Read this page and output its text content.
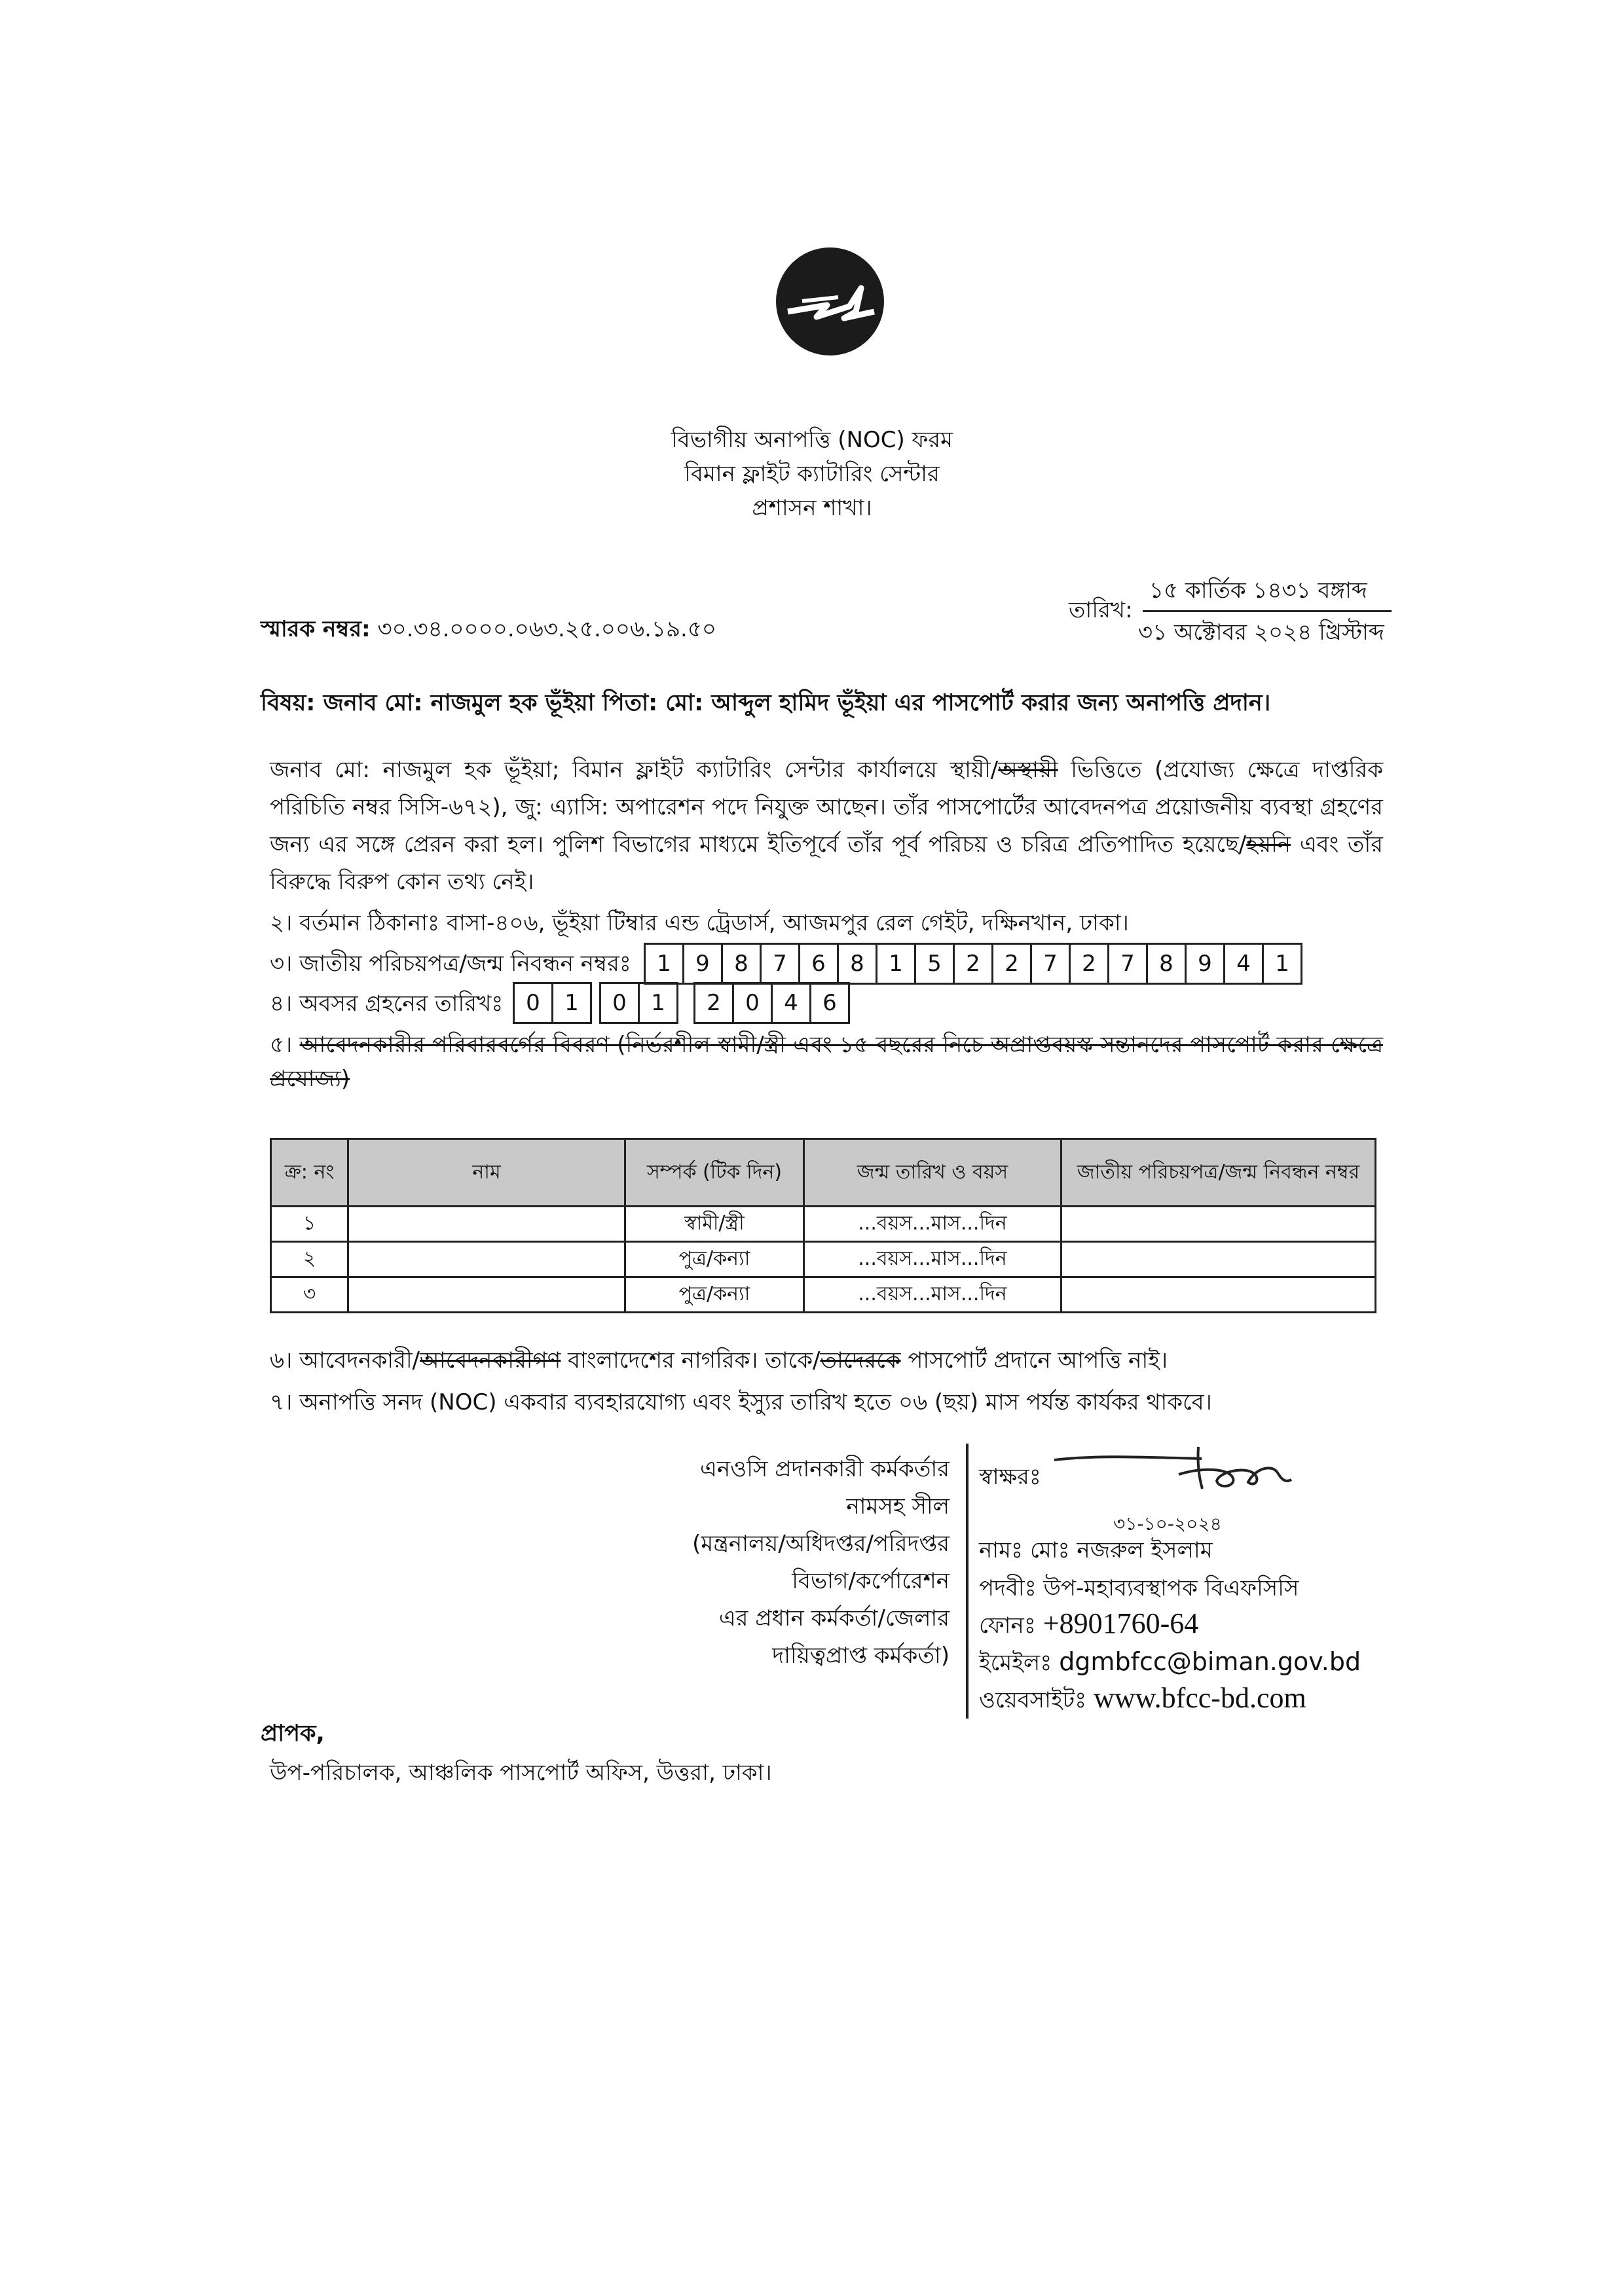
বিভাগীয় অনাপত্তি (NOC) ফরম
বিমান ফ্লাইট ক্যাটারিং সেন্টার
প্রশাসন শাখা।
স্মারক নম্বর: ৩০.৩৪.০০০০.০৬৩.২৫.০০৬.১৯.৫০
তারিখ:
১৫ কার্তিক ১৪৩১ বঙ্গাব্দ
৩১ অক্টোবর ২০২৪ খ্রিস্টাব্দ
বিষয়: জনাব মো: নাজমুল হক ভূঁইয়া পিতা: মো: আব্দুল হামিদ ভূঁইয়া এর পাসপোর্ট করার জন্য অনাপত্তি প্রদান।
জনাব মো: নাজমুল হক ভূঁইয়া; বিমান ফ্লাইট ক্যাটারিং সেন্টার কার্যালয়ে স্থায়ী/অস্থায়ী ভিত্তিতে (প্রযোজ্য ক্ষেত্রে দাপ্তরিক পরিচিতি নম্বর সিসি-৬৭২), জু: এ্যাসি: অপারেশন পদে নিযুক্ত আছেন। তাঁর পাসপোর্টের আবেদনপত্র প্রয়োজনীয় ব্যবস্থা গ্রহণের জন্য এর সঙ্গে প্রেরন করা হল। পুলিশ বিভাগের মাধ্যমে ইতিপূর্বে তাঁর পূর্ব পরিচয় ও চরিত্র প্রতিপাদিত হয়েছে/হয়নি এবং তাঁর বিরুদ্ধে বিরুপ কোন তথ্য নেই।
২। বর্তমান ঠিকানাঃ বাসা-৪০৬, ভূঁইয়া টিম্বার এন্ড ট্রেডার্স, আজমপুর রেল গেইট, দক্ষিনখান, ঢাকা।
৩। জাতীয় পরিচয়পত্র/জন্ম নিবন্ধন নম্বরঃ	1	9	8	7	6	8	1	5	2	2	7	2	7	8	9	4	1
৪। অবসর গ্রহনের তারিখঃ	0	1	0	1	2	0	4	6
৫। আবেদনকারীর পরিবারবর্গের বিবরণ (নির্ভরশীল স্বামী/স্ত্রী এবং ১৫ বছরের নিচে অপ্রাপ্তবয়স্ক সন্তানদের পাসপোর্ট করার ক্ষেত্রে প্রযোজ্য)
ক্র: নং	নাম	সম্পর্ক (টিক দিন)	জন্ম তারিখ ও বয়স	জাতীয় পরিচয়পত্র/জন্ম নিবন্ধন নম্বর
১		স্বামী/স্ত্রী	...বয়স...মাস...দিন	
২		পুত্র/কন্যা	...বয়স...মাস...দিন	
৩		পুত্র/কন্যা	...বয়স...মাস...দিন	
৬। আবেদনকারী/আবেদনকারীগণ বাংলাদেশের নাগরিক। তাকে/তাদেরকে পাসপোর্ট প্রদানে আপত্তি নাই।
৭। অনাপত্তি সনদ (NOC) একবার ব্যবহারযোগ্য এবং ইস্যুর তারিখ হতে ০৬ (ছয়) মাস পর্যন্ত কার্যকর থাকবে।
এনওসি প্রদানকারী কর্মকর্তার
নামসহ সীল
(মন্ত্রনালয়/অধিদপ্তর/পরিদপ্তর
বিভাগ/কর্পোরেশন
এর প্রধান কর্মকর্তা/জেলার
দায়িত্বপ্রাপ্ত কর্মকর্তা)
স্বাক্ষরঃ
৩১-১০-২০২৪
নামঃ মোঃ নজরুল ইসলাম
পদবীঃ উপ-মহাব্যবস্থাপক বিএফসিসি
ফোনঃ +8901760-64
ইমেইলঃ dgmbfcc@biman.gov.bd
ওয়েবসাইটঃ www.bfcc-bd.com
প্রাপক,
উপ-পরিচালক, আঞ্চলিক পাসপোর্ট অফিস, উত্তরা, ঢাকা।
